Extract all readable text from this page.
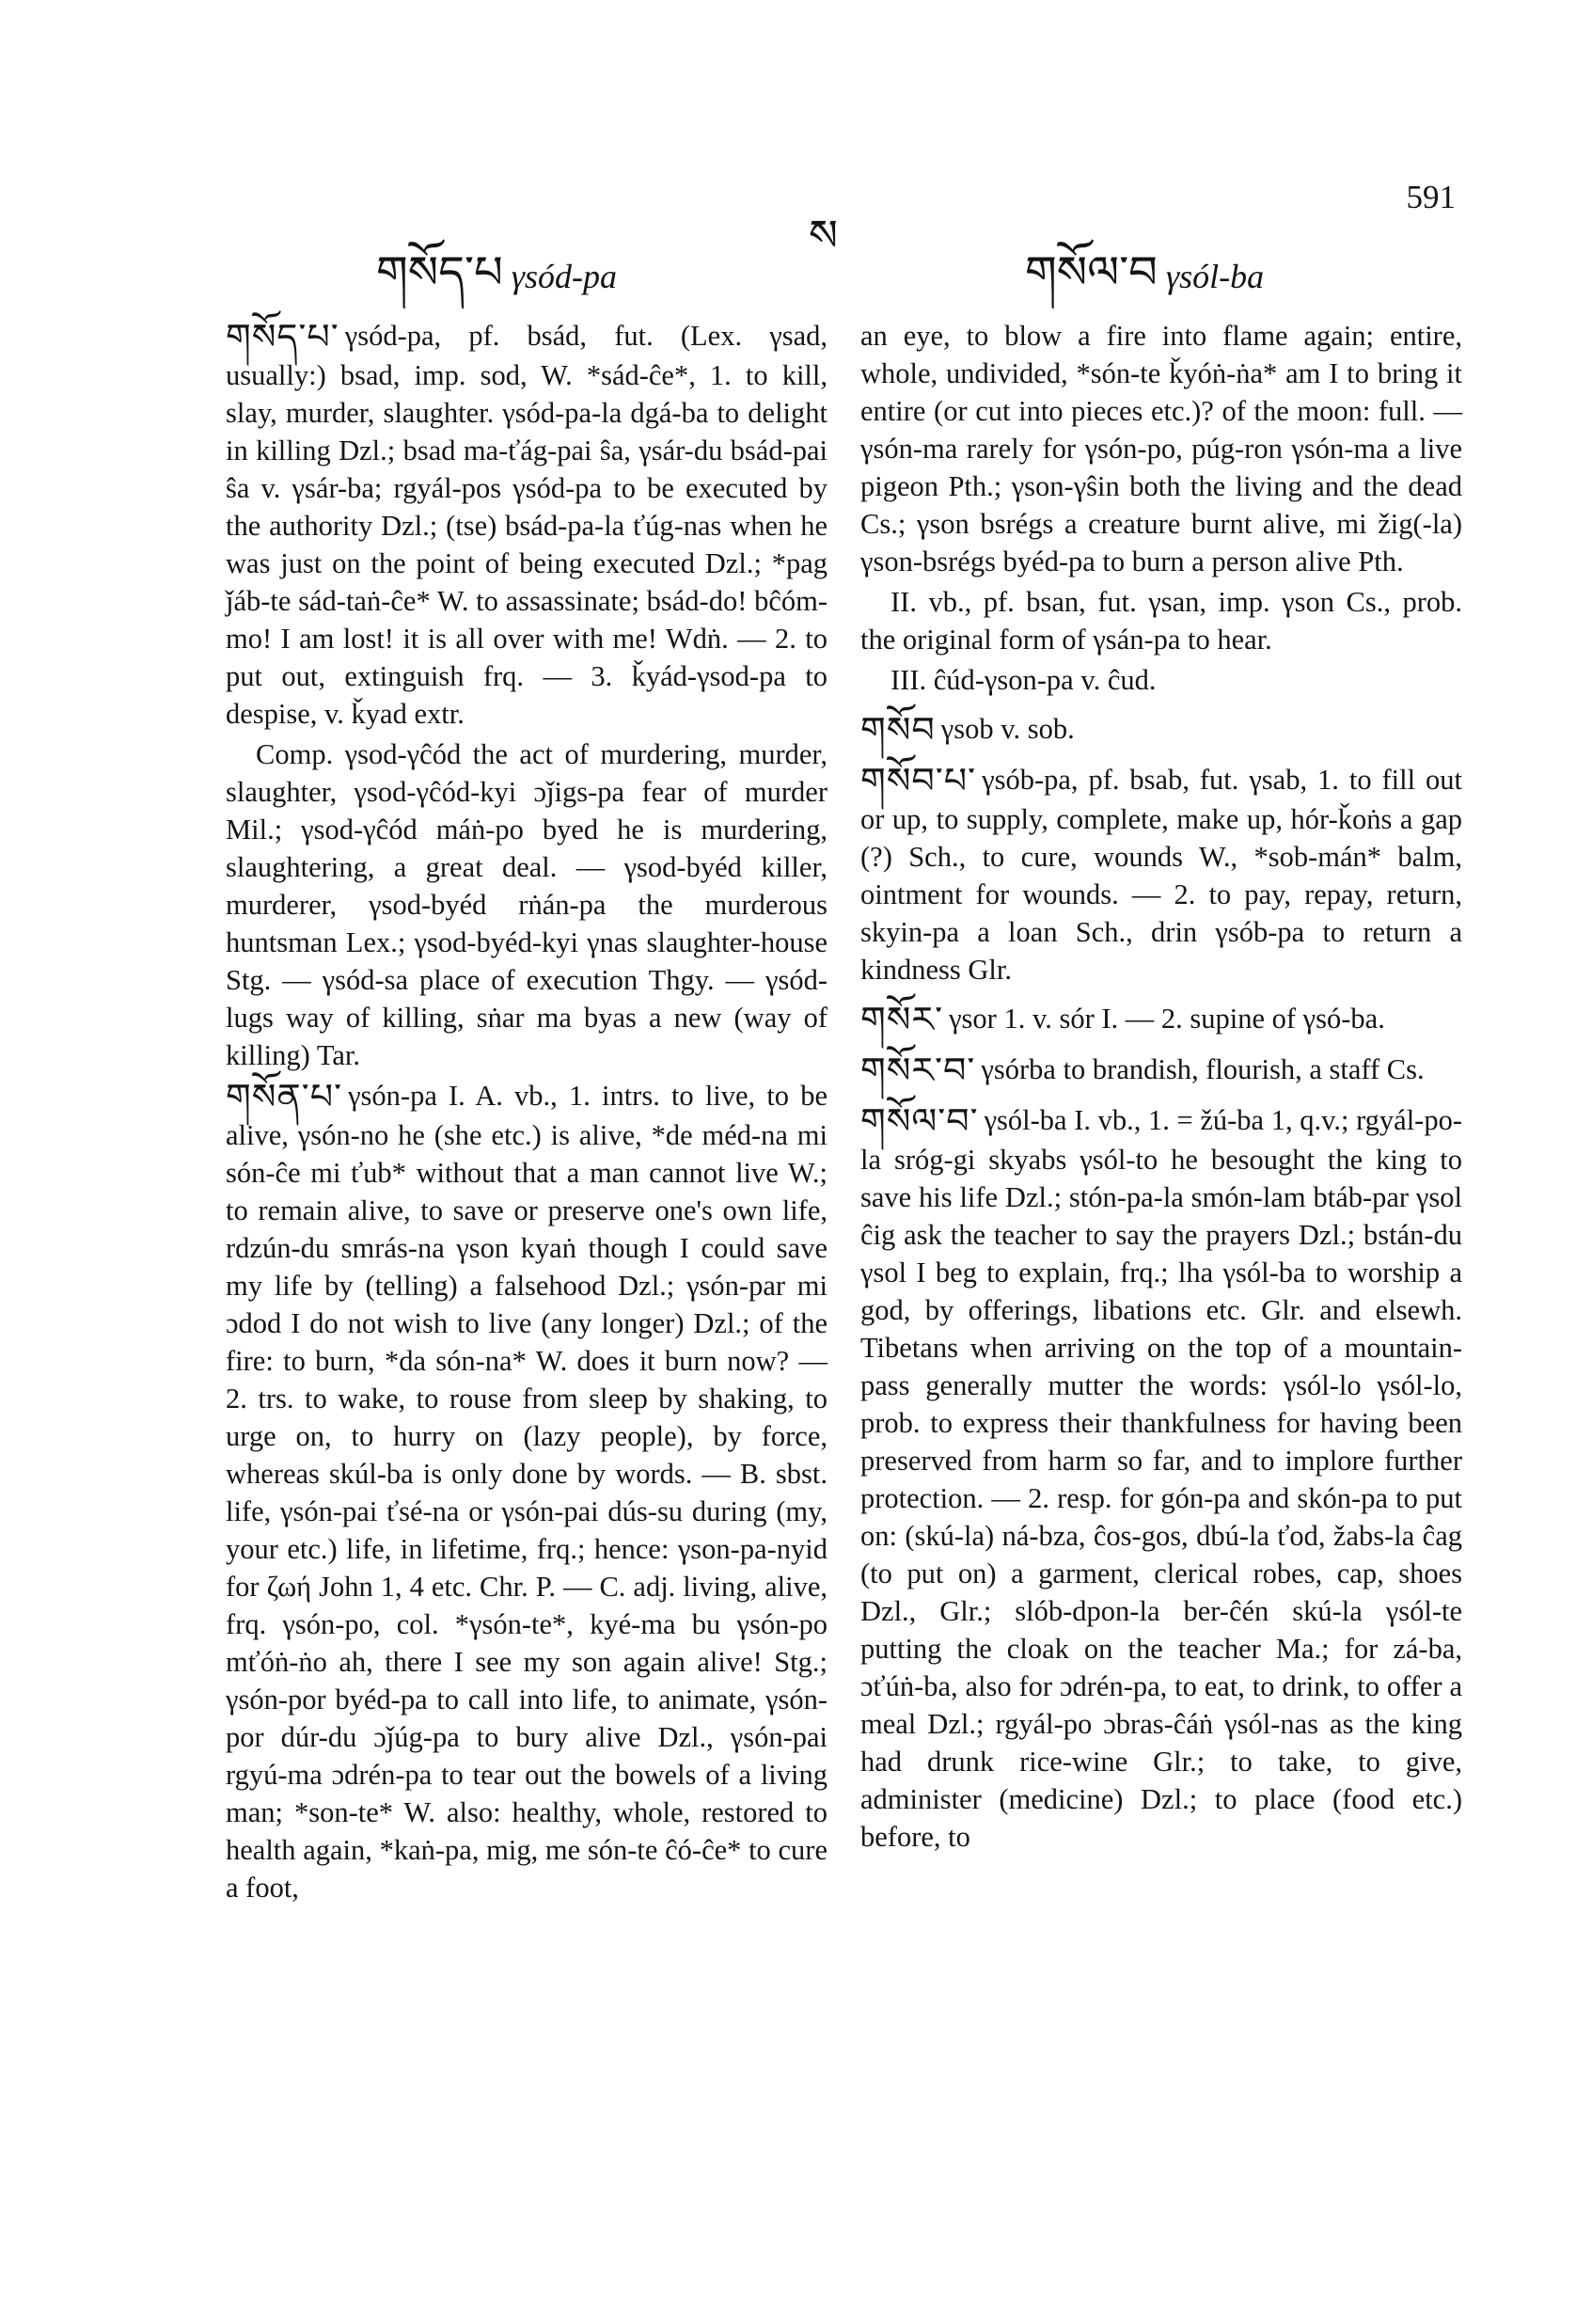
591
ས
གསོད་པ γsód-pa	གསོལ་བ γsól-ba

གསོད་པ་ γsód-pa, pf. bsád, fut. (Lex. γsad, usually:) bsad, imp. sod, W. *sád-ĉe*, 1. to kill, slay, murder, slaughter. γsód-pa-la dgá-ba to delight in killing Dzl.; bsad ma-ťág-pai ŝa, γsár-du bsád-pai ŝa v. γsár-ba; rgyál-pos γsód-pa to be executed by the authority Dzl.; (tse) bsád-pa-la ťúg-nas when he was just on the point of being executed Dzl.; *pag ǰáb-te sád-taṅ-ĉe* W. to assassinate; bsád-do! bĉóm-mo! I am lost! it is all over with me! Wdṅ. — 2. to put out, extinguish frq. — 3. ǩyád-γsod-pa to despise, v. ǩyad extr.

Comp. γsod-γĉód the act of murdering, murder, slaughter, γsod-γĉód-kyi ɔǰigs-pa fear of murder Mil.; γsod-γĉód máṅ-po byed he is murdering, slaughtering, a great deal. — γsod-byéd killer, murderer, γsod-byéd rṅán-pa the murderous huntsman Lex.; γsod-byéd-kyi γnas slaughter-house Stg. — γsód-sa place of execution Thgy. — γsód-lugs way of killing, sṅar ma byas a new (way of killing) Tar.

གསོན་པ་ γsón-pa I. A. vb., 1. intrs. to live, to be alive, γsón-no he (she etc.) is alive, *de méd-na mi són-ĉe mi ťub* without that a man cannot live W.; to remain alive, to save or preserve one's own life, rdzún-du smrás-na γson kyaṅ though I could save my life by (telling) a falsehood Dzl.; γsón-par mi ɔdod I do not wish to live (any longer) Dzl.; of the fire: to burn, *da són-na* W. does it burn now? — 2. trs. to wake, to rouse from sleep by shaking, to urge on, to hurry on (lazy people), by force, whereas skúl-ba is only done by words. — B. sbst. life, γsón-pai ťsé-na or γsón-pai dús-su during (my, your etc.) life, in lifetime, frq.; hence: γson-pa-nyid for ζωή John 1, 4 etc. Chr. P. — C. adj. living, alive, frq. γsón-po, col. *γsón-te*, kyé-ma bu γsón-po mťóṅ-ṅo ah, there I see my son again alive! Stg.; γsón-por byéd-pa to call into life, to animate, γsón-por dúr-du ɔǰúg-pa to bury alive Dzl., γsón-pai rgyú-ma ɔdrén-pa to tear out the bowels of a living man; *son-te* W. also: healthy, whole, restored to health again, *kaṅ-pa, mig, me són-te ĉó-ĉe* to cure a foot,

an eye, to blow a fire into flame again; entire, whole, undivided, *són-te ǩyóṅ-ṅa* am I to bring it entire (or cut into pieces etc.)? of the moon: full. — γsón-ma rarely for γsón-po, púg-ron γsón-ma a live pigeon Pth.; γson-γŝin both the living and the dead Cs.; γson bsrégs a creature burnt alive, mi žig(-la) γson-bsrégs byéd-pa to burn a person alive Pth.

II. vb., pf. bsan, fut. γsan, imp. γson Cs., prob. the original form of γsán-pa to hear.

III. ĉúd-γson-pa v. ĉud.

གསོབ γsob v. sob.

གསོབ་པ་ γsób-pa, pf. bsab, fut. γsab, 1. to fill out or up, to supply, complete, make up, hór-ǩoṅs a gap (?) Sch., to cure, wounds W., *sob-mán* balm, ointment for wounds. — 2. to pay, repay, return, skyin-pa a loan Sch., drin γsób-pa to return a kindness Glr.

གསོར་ γsor 1. v. sór I. — 2. supine of γsó-ba.

གསོར་བ་ γsórba to brandish, flourish, a staff Cs.

གསོལ་བ་ γsól-ba I. vb., 1. = žú-ba 1, q.v.; rgyál-po-la sróg-gi skyabs γsól-to he besought the king to save his life Dzl.; stón-pa-la smón-lam btáb-par γsol ĉig ask the teacher to say the prayers Dzl.; bstán-du γsol I beg to explain, frq.; lha γsól-ba to worship a god, by offerings, libations etc. Glr. and elsewh. Tibetans when arriving on the top of a mountain-pass generally mutter the words: γsól-lo γsól-lo, prob. to express their thankfulness for having been preserved from harm so far, and to implore further protection. — 2. resp. for gón-pa and skón-pa to put on: (skú-la) ná-bza, ĉos-gos, dbú-la ťod, žabs-la ĉag (to put on) a garment, clerical robes, cap, shoes Dzl., Glr.; slób-dpon-la ber-ĉén skú-la γsól-te putting the cloak on the teacher Ma.; for zá-ba, ɔťúṅ-ba, also for ɔdrén-pa, to eat, to drink, to offer a meal Dzl.; rgyál-po ɔbras-ĉáṅ γsól-nas as the king had drunk rice-wine Glr.; to take, to give, administer (medicine) Dzl.; to place (food etc.) before, to
